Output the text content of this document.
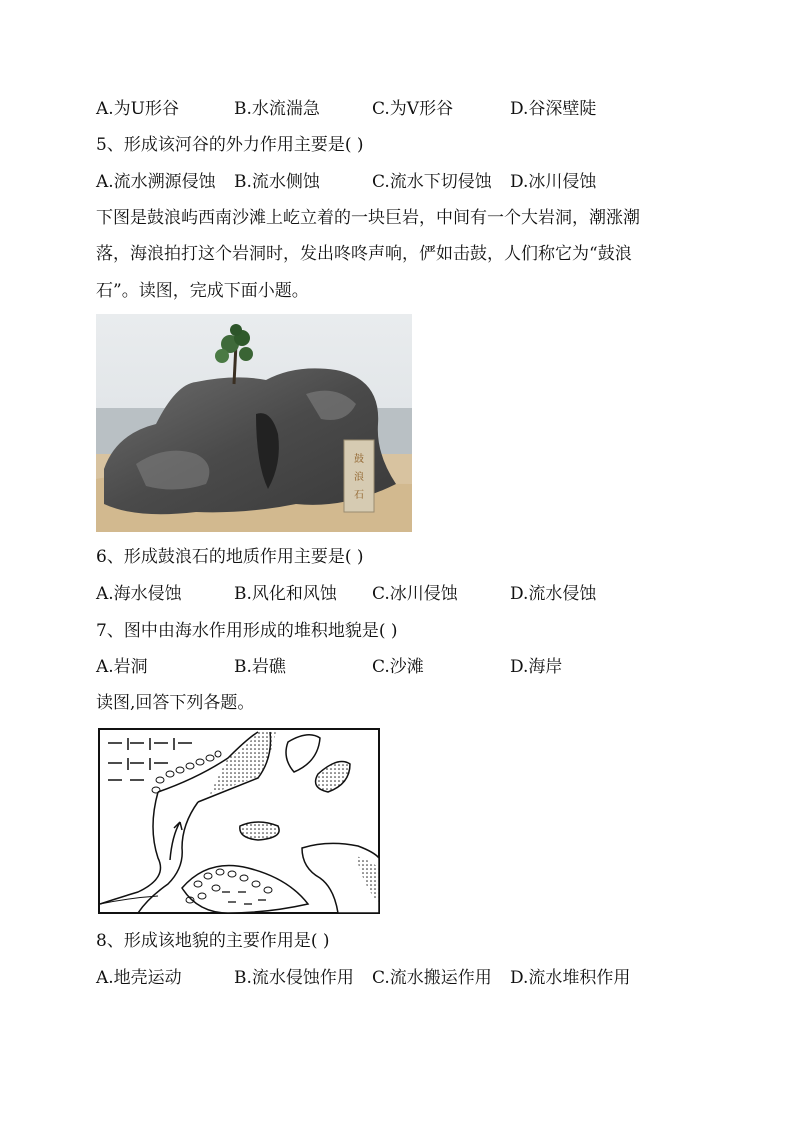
A.为U形谷	B.水流湍急	C.为V形谷	D.谷深壁陡
5、形成该河谷的外力作用主要是( )
A.流水溯源侵蚀 B.流水侧蚀	C.流水下切侵蚀 D.冰川侵蚀
下图是鼓浪屿西南沙滩上屹立着的一块巨岩，中间有一个大岩洞，潮涨潮
落，海浪拍打这个岩洞时，发出咚咚声响，俨如击鼓，人们称它为“鼓浪
石”。读图，完成下面小题。
鼓
浪
石
6、形成鼓浪石的地质作用主要是( )
A.海水侵蚀	B.风化和风蚀 C.冰川侵蚀	D.流水侵蚀
7、图中由海水作用形成的堆积地貌是( )
A.岩洞	B.岩礁	C.沙滩	D.海岸
读图,回答下列各题。
8、形成该地貌的主要作用是( )
A.地壳运动	B.流水侵蚀作用 C.流水搬运作用 D.流水堆积作用
